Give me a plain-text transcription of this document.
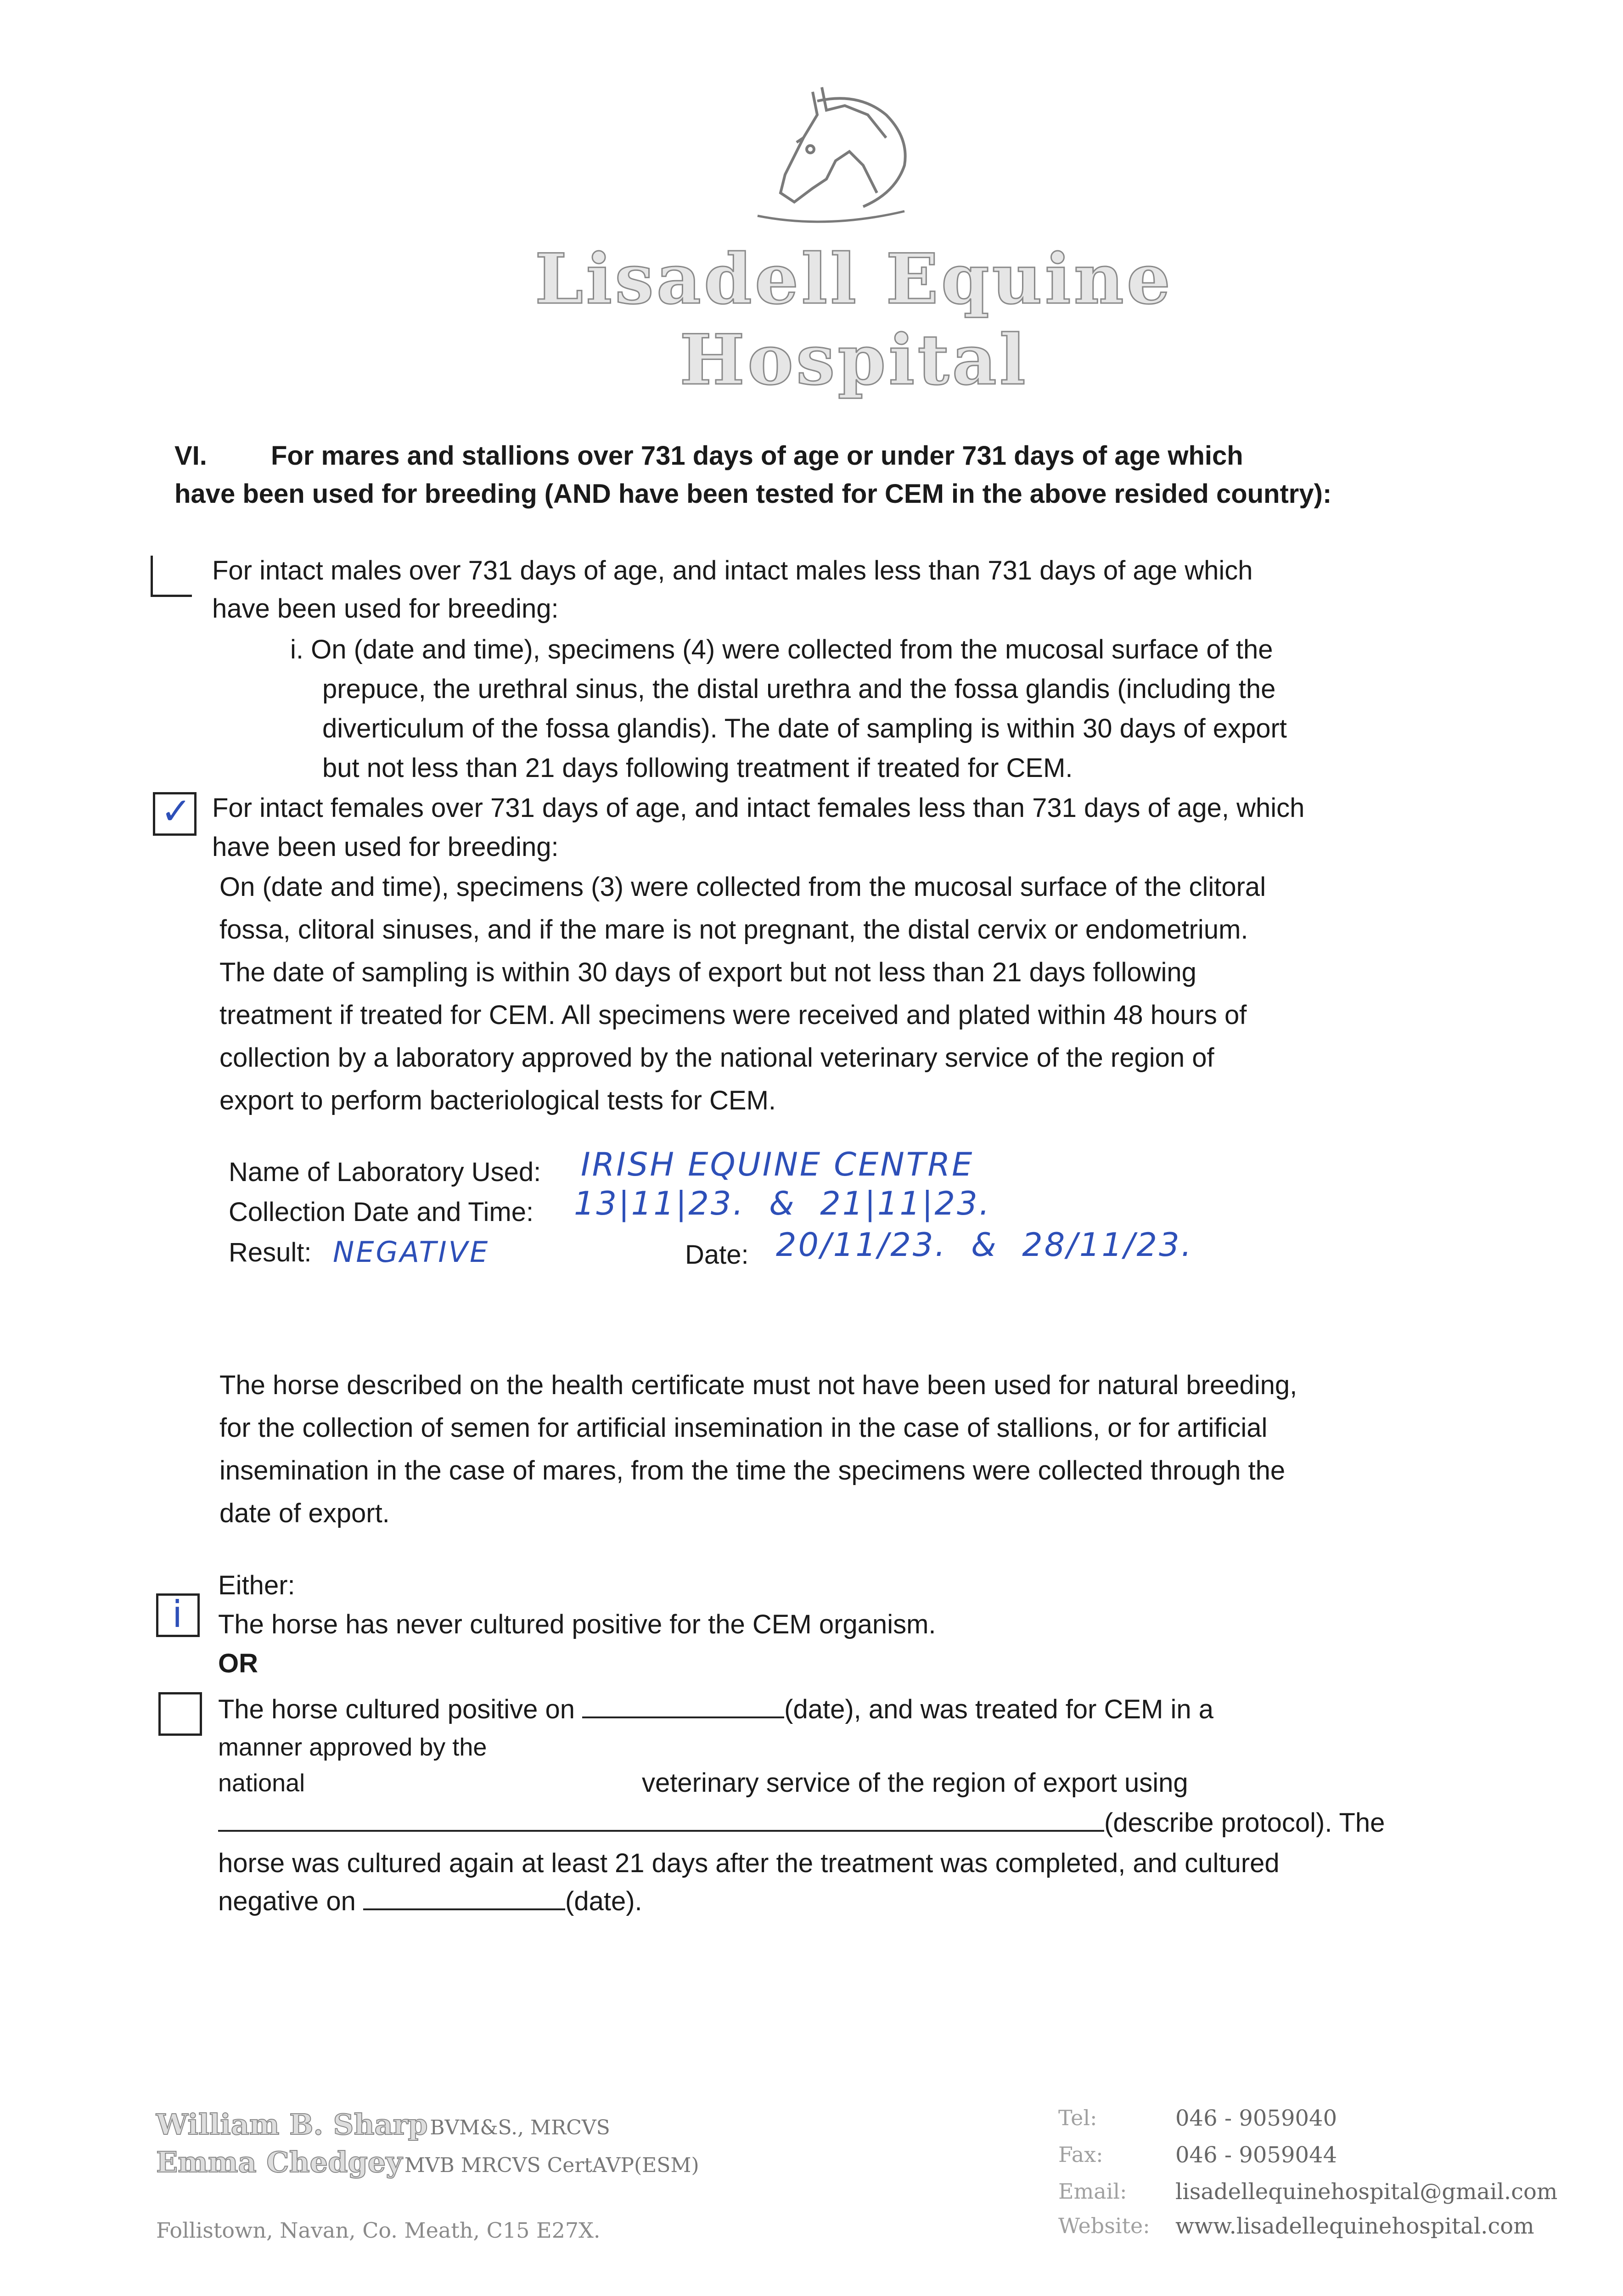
Lisadell Equine Hospital
VI. For mares and stallions over 731 days of age or under 731 days of age which
have been used for breeding (AND have been tested for CEM in the above resided country):
For intact males over 731 days of age, and intact males less than 731 days of age which
have been used for breeding:
i. On (date and time), specimens (4) were collected from the mucosal surface of the
prepuce, the urethral sinus, the distal urethra and the fossa glandis (including the
diverticulum of the fossa glandis). The date of sampling is within 30 days of export
but not less than 21 days following treatment if treated for CEM.
✓ For intact females over 731 days of age, and intact females less than 731 days of age, which
have been used for breeding:
On (date and time), specimens (3) were collected from the mucosal surface of the clitoral
fossa, clitoral sinuses, and if the mare is not pregnant, the distal cervix or endometrium.
The date of sampling is within 30 days of export but not less than 21 days following
treatment if treated for CEM. All specimens were received and plated within 48 hours of
collection by a laboratory approved by the national veterinary service of the region of
export to perform bacteriological tests for CEM.
Name of Laboratory Used: IRISH EQUINE CENTRE
Collection Date and Time: 13|11|23.  &  21|11|23.
Result: NEGATIVE	Date: 20/11/23.  &  28/11/23.
The horse described on the health certificate must not have been used for natural breeding,
for the collection of semen for artificial insemination in the case of stallions, or for artificial
insemination in the case of mares, from the time the specimens were collected through the
date of export.
Either:
i The horse has never cultured positive for the CEM organism.
OR
The horse cultured positive on	(date), and was treated for CEM in a
manner approved by the
national	veterinary service of the region of export using
(describe protocol). The
horse was cultured again at least 21 days after the treatment was completed, and cultured
negative on	(date).
William B. Sharp BVM&S., MRCVS
Emma Chedgey MVB MRCVS CertAVP(ESM)
Follistown, Navan, Co. Meath, C15 E27X.
Tel:	046 - 9059040
Fax:	046 - 9059044
Email: lisadellequinehospital@gmail.com
Website: www.lisadellequinehospital.com
